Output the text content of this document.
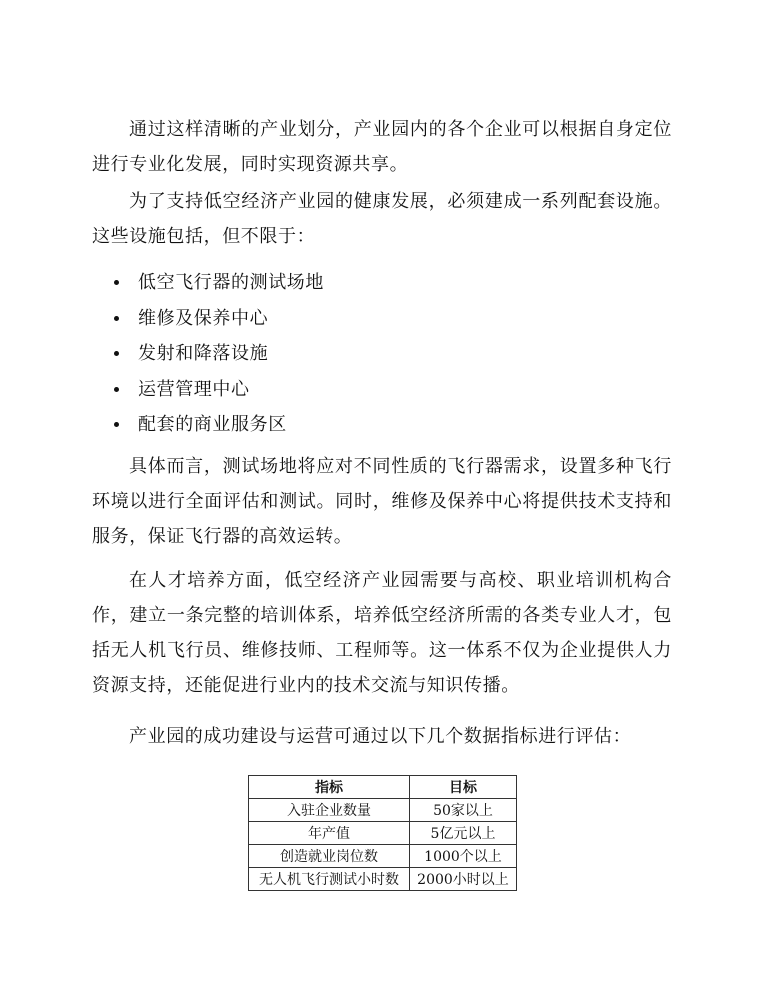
通过这样清晰的产业划分，产业园内的各个企业可以根据自身定位进行专业化发展，同时实现资源共享。

为了支持低空经济产业园的健康发展，必须建成一系列配套设施。这些设施包括，但不限于：

低空飞行器的测试场地
维修及保养中心
发射和降落设施
运营管理中心
配套的商业服务区

具体而言，测试场地将应对不同性质的飞行器需求，设置多种飞行环境以进行全面评估和测试。同时，维修及保养中心将提供技术支持和服务，保证飞行器的高效运转。

在人才培养方面，低空经济产业园需要与高校、职业培训机构合作，建立一条完整的培训体系，培养低空经济所需的各类专业人才，包括无人机飞行员、维修技师、工程师等。这一体系不仅为企业提供人力资源支持，还能促进行业内的技术交流与知识传播。

产业园的成功建设与运营可通过以下几个数据指标进行评估：

指标	目标
入驻企业数量	50家以上
年产值	5亿元以上
创造就业岗位数	1000个以上
无人机飞行测试小时数	2000小时以上
